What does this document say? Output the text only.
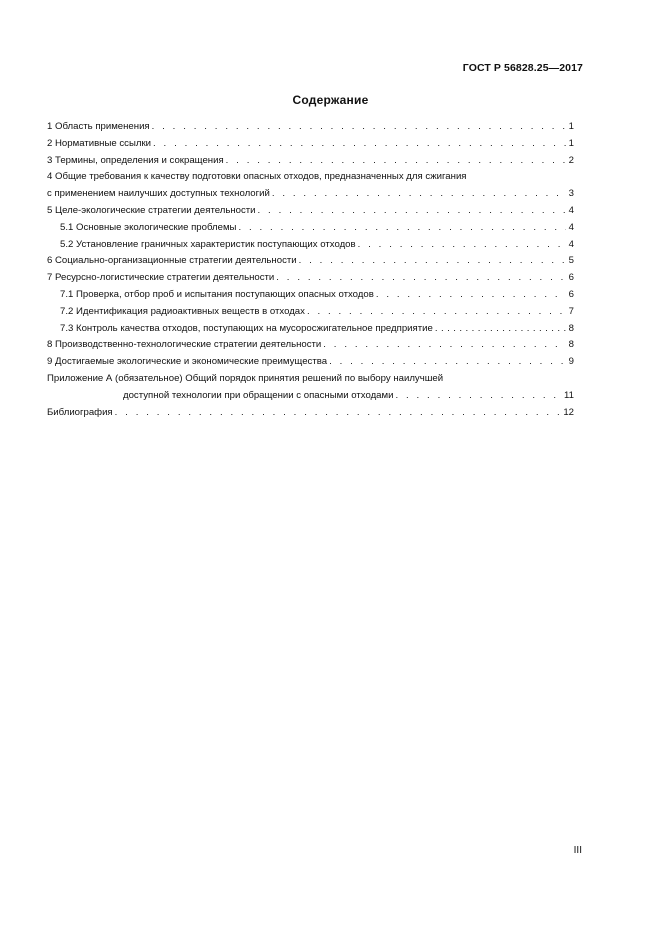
ГОСТ Р 56828.25—2017
Содержание
1 Область применения . . .	1
2 Нормативные ссылки . . .	1
3 Термины, определения и сокращения . . .	2
4 Общие требования к качеству подготовки опасных отходов, предназначенных для сжигания
с применением наилучших доступных технологий . . .	3
5 Целе-экологические стратегии деятельности . . .	4
5.1 Основные экологические проблемы . . .	4
5.2 Установление граничных характеристик поступающих отходов . . .	4
6 Социально-организационные стратегии деятельности . . .	5
7 Ресурсно-логистические стратегии деятельности . . .	6
7.1 Проверка, отбор проб и испытания поступающих опасных отходов . . .	6
7.2 Идентификация радиоактивных веществ в отходах . . .	7
7.3 Контроль качества отходов, поступающих на мусоросжигательное предприятие . . .	8
8 Производственно-технологические стратегии деятельности . . .	8
9 Достигаемые экологические и экономические преимущества . . .	9
Приложение А (обязательное) Общий порядок принятия решений по выбору наилучшей
доступной технологии при обращении с опасными отходами . . .	11
Библиография . . .	12
III
